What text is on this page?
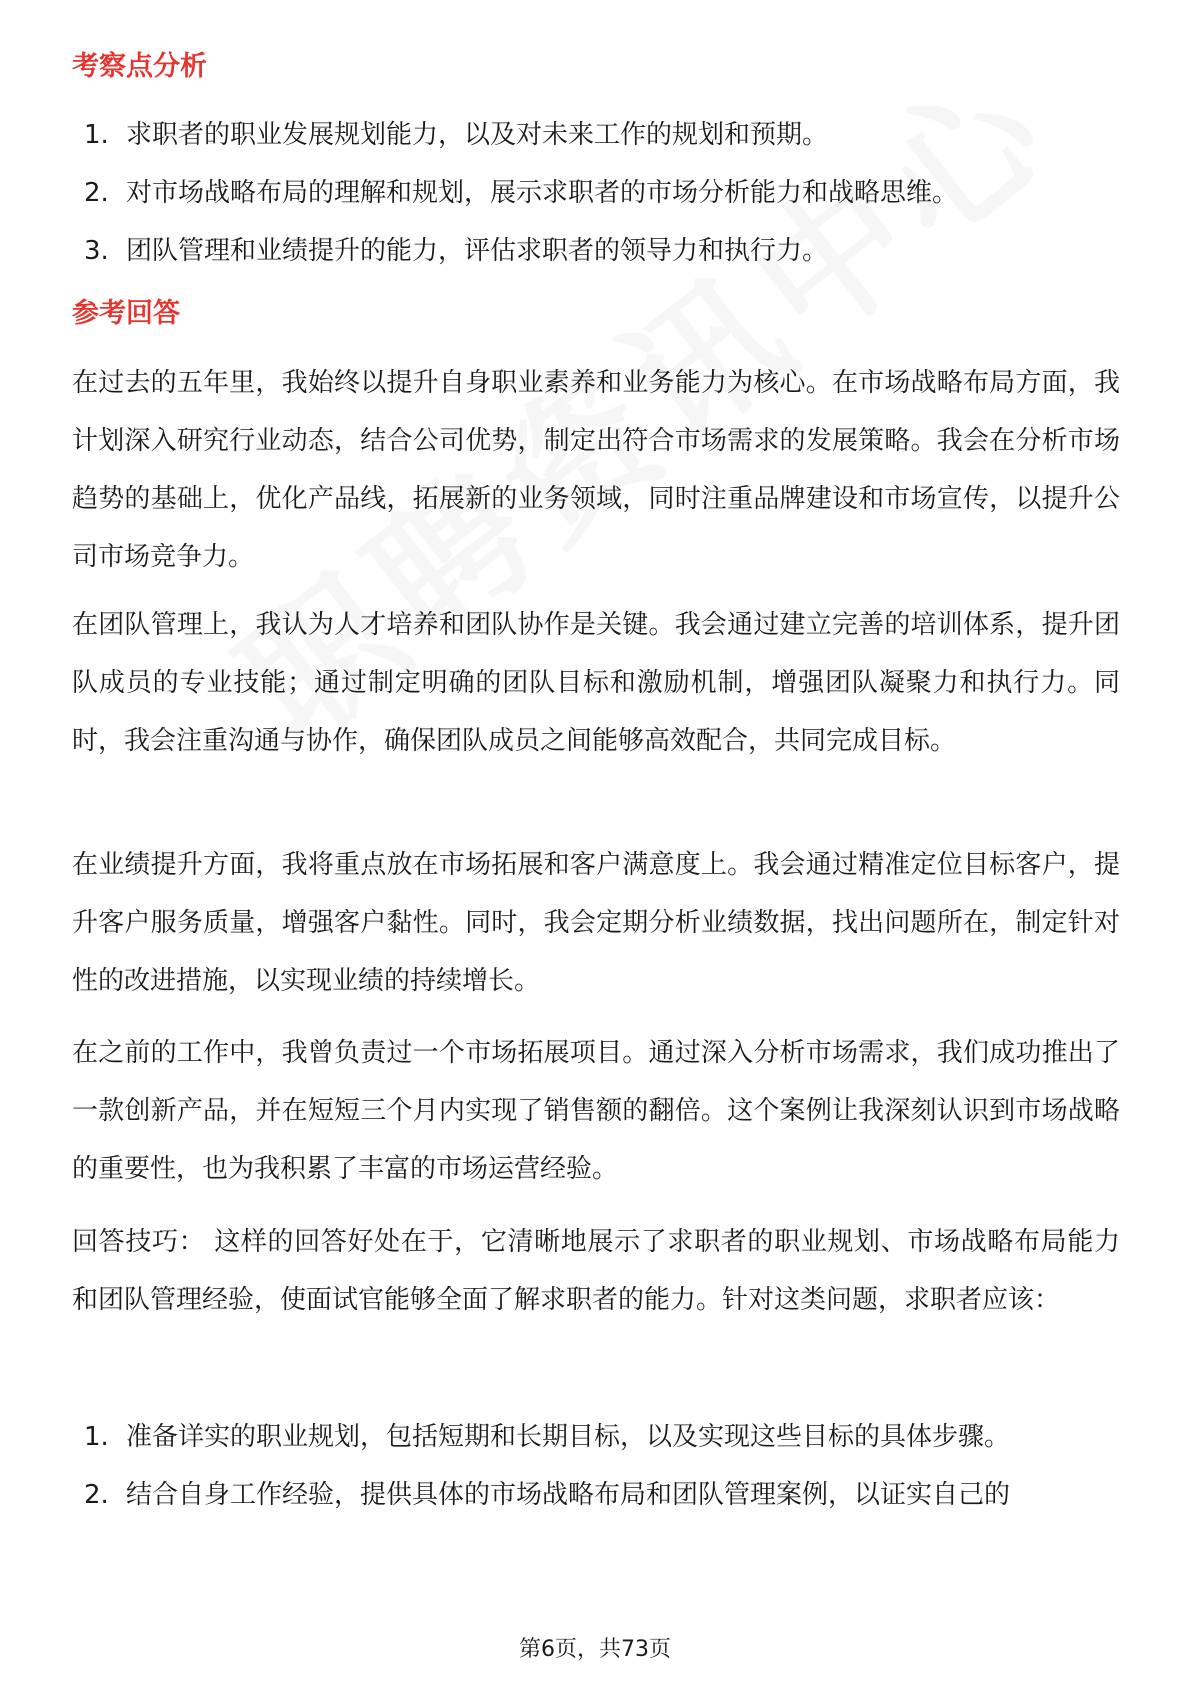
考察点分析
1. 求职者的职业发展规划能力，以及对未来工作的规划和预期。
2. 对市场战略布局的理解和规划，展示求职者的市场分析能力和战略思维。
3. 团队管理和业绩提升的能力，评估求职者的领导力和执行力。
参考回答

在过去的五年里，我始终以提升自身职业素养和业务能力为核心。在市场战略布局方面，我计划深入研究行业动态，结合公司优势，制定出符合市场需求的发展策略。我会在分析市场趋势的基础上，优化产品线，拓展新的业务领域，同时注重品牌建设和市场宣传，以提升公司市场竞争力。

在团队管理上，我认为人才培养和团队协作是关键。我会通过建立完善的培训体系，提升团队成员的专业技能；通过制定明确的团队目标和激励机制，增强团队凝聚力和执行力。同时，我会注重沟通与协作，确保团队成员之间能够高效配合，共同完成目标。

在业绩提升方面，我将重点放在市场拓展和客户满意度上。我会通过精准定位目标客户，提升客户服务质量，增强客户黏性。同时，我会定期分析业绩数据，找出问题所在，制定针对性的改进措施，以实现业绩的持续增长。

在之前的工作中，我曾负责过一个市场拓展项目。通过深入分析市场需求，我们成功推出了一款创新产品，并在短短三个月内实现了销售额的翻倍。这个案例让我深刻认识到市场战略的重要性，也为我积累了丰富的市场运营经验。

回答技巧： 这样的回答好处在于，它清晰地展示了求职者的职业规划、市场战略布局能力和团队管理经验，使面试官能够全面了解求职者的能力。针对这类问题，求职者应该：

1. 准备详实的职业规划，包括短期和长期目标，以及实现这些目标的具体步骤。
2. 结合自身工作经验，提供具体的市场战略布局和团队管理案例，以证实自己的
第6页，共73页
